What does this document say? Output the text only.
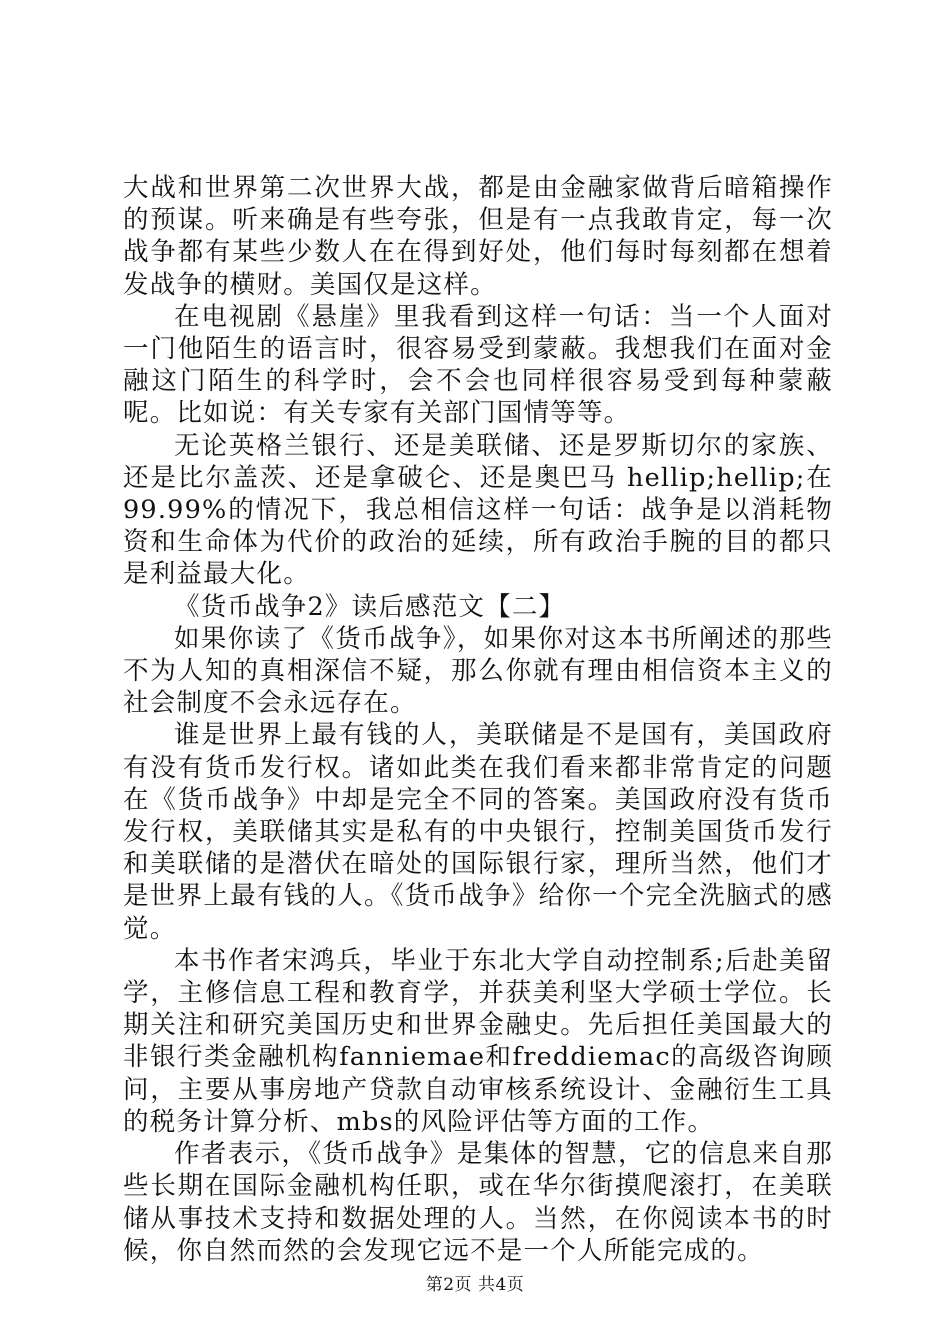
大战和世界第二次世界大战，都是由金融家做背后暗箱操作的预谋。听来确是有些夸张，但是有一点我敢肯定，每一次战争都有某些少数人在在得到好处，他们每时每刻都在想着发战争的横财。美国仅是这样。

在电视剧《悬崖》里我看到这样一句话：当一个人面对一门他陌生的语言时，很容易受到蒙蔽。我想我们在面对金融这门陌生的科学时，会不会也同样很容易受到每种蒙蔽呢。比如说：有关专家有关部门国情等等。

无论英格兰银行、还是美联储、还是罗斯切尔的家族、还是比尔盖茨、还是拿破仑、还是奥巴马 hellip;hellip;在99.99%的情况下，我总相信这样一句话：战争是以消耗物资和生命体为代价的政治的延续，所有政治手腕的目的都只是利益最大化。

《货币战争2》读后感范文【二】

如果你读了《货币战争》，如果你对这本书所阐述的那些不为人知的真相深信不疑，那么你就有理由相信资本主义的社会制度不会永远存在。

谁是世界上最有钱的人，美联储是不是国有，美国政府有没有货币发行权。诸如此类在我们看来都非常肯定的问题在《货币战争》中却是完全不同的答案。美国政府没有货币发行权，美联储其实是私有的中央银行，控制美国货币发行和美联储的是潜伏在暗处的国际银行家，理所当然，他们才是世界上最有钱的人。《货币战争》给你一个完全洗脑式的感觉。

本书作者宋鸿兵，毕业于东北大学自动控制系;后赴美留学，主修信息工程和教育学，并获美利坚大学硕士学位。长期关注和研究美国历史和世界金融史。先后担任美国最大的非银行类金融机构fanniemae和freddiemac的高级咨询顾问，主要从事房地产贷款自动审核系统设计、金融衍生工具的税务计算分析、mbs的风险评估等方面的工作。

作者表示，《货币战争》是集体的智慧，它的信息来自那些长期在国际金融机构任职，或在华尔街摸爬滚打，在美联储从事技术支持和数据处理的人。当然，在你阅读本书的时候，你自然而然的会发现它远不是一个人所能完成的。

第2页 共4页
